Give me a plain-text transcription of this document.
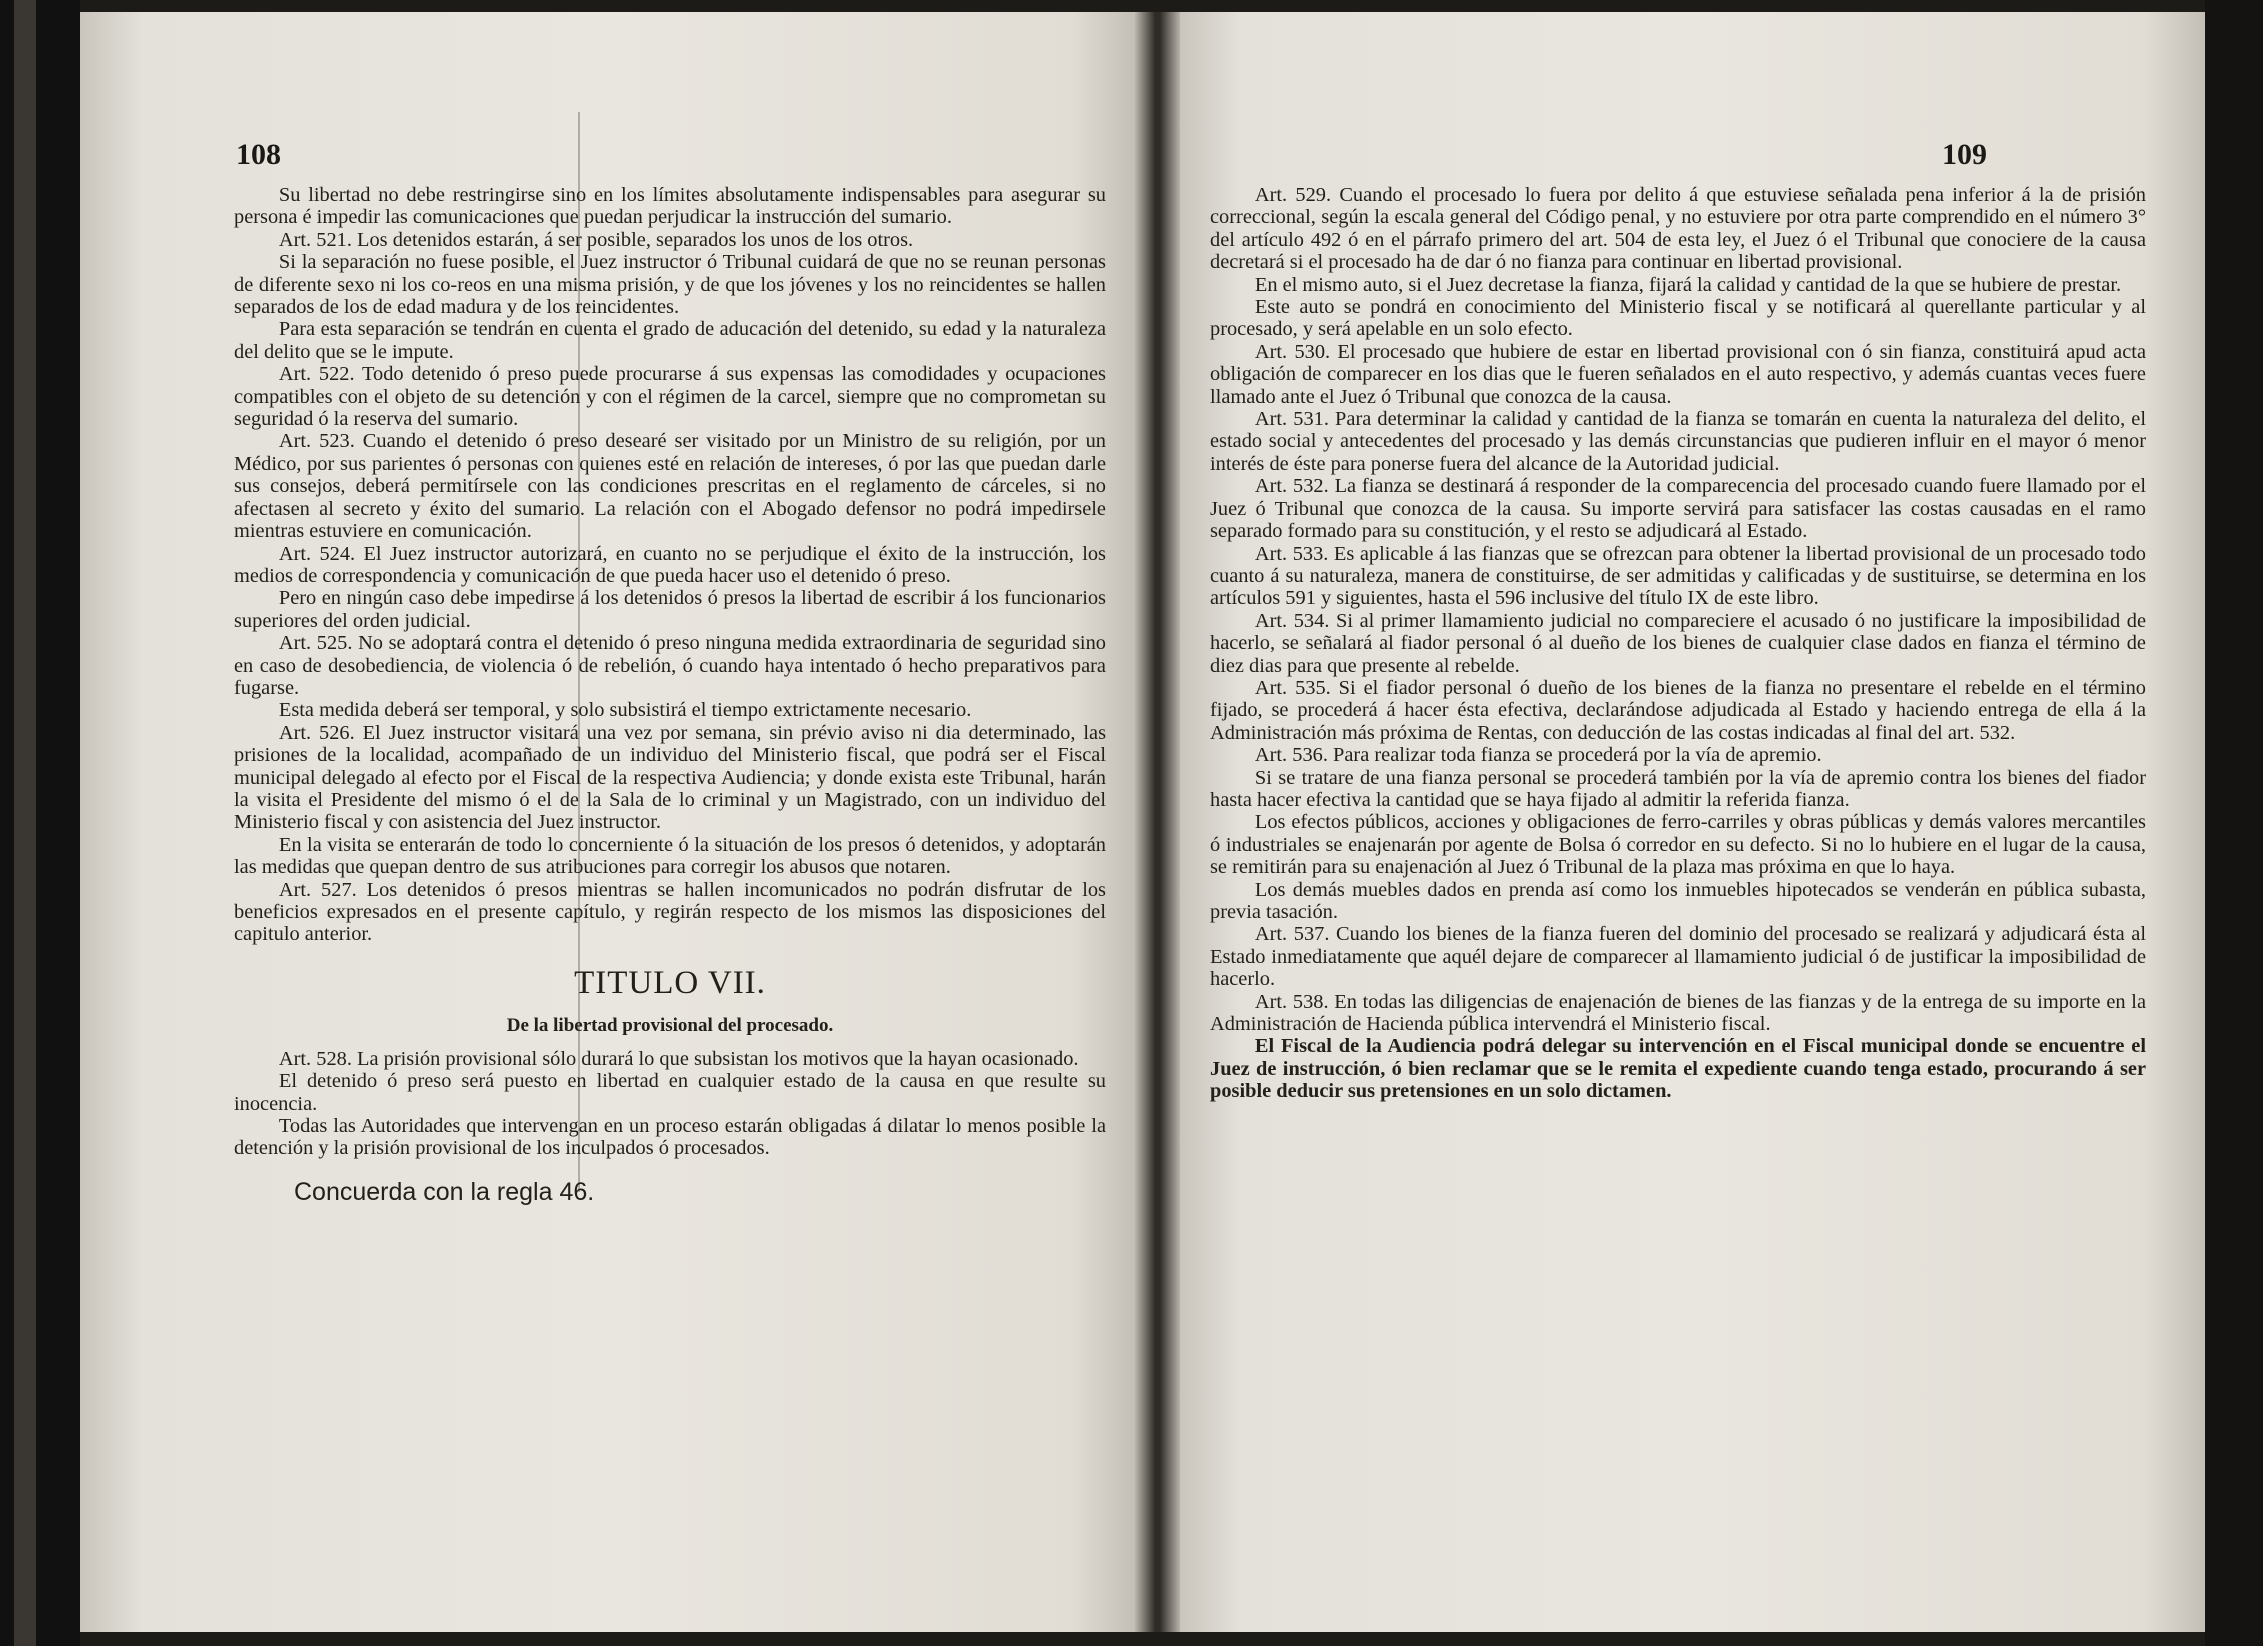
108

Su libertad no debe restringirse sino en los límites absolutamente indispensables para asegurar su persona é impedir las comunicaciones que puedan perjudicar la instrucción del sumario.

Art. 521. Los detenidos estarán, á ser posible, separados los unos de los otros.

Si la separación no fuese posible, el Juez instructor ó Tribunal cuidará de que no se reunan personas de diferente sexo ni los co-reos en una misma prisión, y de que los jóvenes y los no reincidentes se hallen separados de los de edad madura y de los reincidentes.

Para esta separación se tendrán en cuenta el grado de aducación del detenido, su edad y la naturaleza del delito que se le impute.

Art. 522. Todo detenido ó preso puede procurarse á sus expensas las comodidades y ocupaciones compatibles con el objeto de su detención y con el régimen de la carcel, siempre que no comprometan su seguridad ó la reserva del sumario.

Art. 523. Cuando el detenido ó preso desearé ser visitado por un Ministro de su religión, por un Médico, por sus parientes ó personas con quienes esté en relación de intereses, ó por las que puedan darle sus consejos, deberá permitírsele con las condiciones prescritas en el reglamento de cárceles, si no afectasen al secreto y éxito del sumario. La relación con el Abogado defensor no podrá impedirsele mientras estuviere en comunicación.

Art. 524. El Juez instructor autorizará, en cuanto no se perjudique el éxito de la instrucción, los medios de correspondencia y comunicación de que pueda hacer uso el detenido ó preso.

Pero en ningún caso debe impedirse á los detenidos ó presos la libertad de escribir á los funcionarios superiores del orden judicial.

Art. 525. No se adoptará contra el detenido ó preso ninguna medida extraordinaria de seguridad sino en caso de desobediencia, de violencia ó de rebelión, ó cuando haya intentado ó hecho preparativos para fugarse.

Esta medida deberá ser temporal, y solo subsistirá el tiempo extrictamente necesario.

Art. 526. El Juez instructor visitará una vez por semana, sin prévio aviso ni dia determinado, las prisiones de la localidad, acompañado de un individuo del Ministerio fiscal, que podrá ser el Fiscal municipal delegado al efecto por el Fiscal de la respectiva Audiencia; y donde exista este Tribunal, harán la visita el Presidente del mismo ó el de la Sala de lo criminal y un Magistrado, con un individuo del Ministerio fiscal y con asistencia del Juez instructor.

En la visita se enterarán de todo lo concerniente ó la situación de los presos ó detenidos, y adoptarán las medidas que quepan dentro de sus atribuciones para corregir los abusos que notaren.

Art. 527. Los detenidos ó presos mientras se hallen incomunicados no podrán disfrutar de los beneficios expresados en el presente capítulo, y regirán respecto de los mismos las disposiciones del capitulo anterior.

TITULO VII.
De la libertad provisional del procesado.

Art. 528. La prisión provisional sólo durará lo que subsistan los motivos que la hayan ocasionado.

El detenido ó preso será puesto en libertad en cualquier estado de la causa en que resulte su inocencia.

Todas las Autoridades que intervengan en un proceso estarán obligadas á dilatar lo menos posible la detención y la prisión provisional de los inculpados ó procesados.

Concuerda con la regla 46.

109

Art. 529. Cuando el procesado lo fuera por delito á que estuviese señalada pena inferior á la de prisión correccional, según la escala general del Código penal, y no estuviere por otra parte comprendido en el número 3° del artículo 492 ó en el párrafo primero del art. 504 de esta ley, el Juez ó el Tribunal que conociere de la causa decretará si el procesado ha de dar ó no fianza para continuar en libertad provisional.

En el mismo auto, si el Juez decretase la fianza, fijará la calidad y cantidad de la que se hubiere de prestar.

Este auto se pondrá en conocimiento del Ministerio fiscal y se notificará al querellante particular y al procesado, y será apelable en un solo efecto.

Art. 530. El procesado que hubiere de estar en libertad provisional con ó sin fianza, constituirá apud acta obligación de comparecer en los dias que le fueren señalados en el auto respectivo, y además cuantas veces fuere llamado ante el Juez ó Tribunal que conozca de la causa.

Art. 531. Para determinar la calidad y cantidad de la fianza se tomarán en cuenta la naturaleza del delito, el estado social y antecedentes del procesado y las demás circunstancias que pudieren influir en el mayor ó menor interés de éste para ponerse fuera del alcance de la Autoridad judicial.

Art. 532. La fianza se destinará á responder de la comparecencia del procesado cuando fuere llamado por el Juez ó Tribunal que conozca de la causa. Su importe servirá para satisfacer las costas causadas en el ramo separado formado para su constitución, y el resto se adjudicará al Estado.

Art. 533. Es aplicable á las fianzas que se ofrezcan para obtener la libertad provisional de un procesado todo cuanto á su naturaleza, manera de constituirse, de ser admitidas y calificadas y de sustituirse, se determina en los artículos 591 y siguientes, hasta el 596 inclusive del título IX de este libro.

Art. 534. Si al primer llamamiento judicial no compareciere el acusado ó no justificare la imposibilidad de hacerlo, se señalará al fiador personal ó al dueño de los bienes de cualquier clase dados en fianza el término de diez dias para que presente al rebelde.

Art. 535. Si el fiador personal ó dueño de los bienes de la fianza no presentare el rebelde en el término fijado, se procederá á hacer ésta efectiva, declarándose adjudicada al Estado y haciendo entrega de ella á la Administración más próxima de Rentas, con deducción de las costas indicadas al final del art. 532.

Art. 536. Para realizar toda fianza se procederá por la vía de apremio.

Si se tratare de una fianza personal se procederá también por la vía de apremio contra los bienes del fiador hasta hacer efectiva la cantidad que se haya fijado al admitir la referida fianza.

Los efectos públicos, acciones y obligaciones de ferro-carriles y obras públicas y demás valores mercantiles ó industriales se enajenarán por agente de Bolsa ó corredor en su defecto. Si no lo hubiere en el lugar de la causa, se remitirán para su enajenación al Juez ó Tribunal de la plaza mas próxima en que lo haya.

Los demás muebles dados en prenda así como los inmuebles hipotecados se venderán en pública subasta, previa tasación.

Art. 537. Cuando los bienes de la fianza fueren del dominio del procesado se realizará y adjudicará ésta al Estado inmediatamente que aquél dejare de comparecer al llamamiento judicial ó de justificar la imposibilidad de hacerlo.

Art. 538. En todas las diligencias de enajenación de bienes de las fianzas y de la entrega de su importe en la Administración de Hacienda pública intervendrá el Ministerio fiscal.

El Fiscal de la Audiencia podrá delegar su intervención en el Fiscal municipal donde se encuentre el Juez de instrucción, ó bien reclamar que se le remita el expediente cuando tenga estado, procurando á ser posible deducir sus pretensiones en un solo dictamen.
